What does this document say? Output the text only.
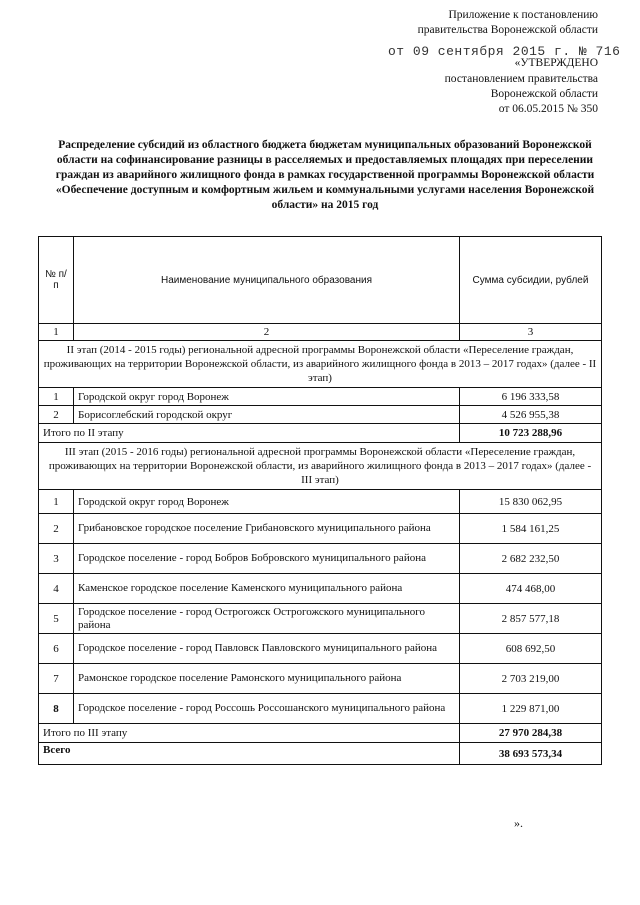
Приложение к постановлению
правительства Воронежской области
от 09 сентября 2015 г. № 716
«УТВЕРЖДЕНО
постановлением правительства
Воронежской области
от 06.05.2015 № 350
Распределение субсидий из областного бюджета бюджетам муниципальных образований Воронежской области на софинансирование разницы в расселяемых и предоставляемых площадях при переселении граждан из аварийного жилищного фонда в рамках государственной программы Воронежской области «Обеспечение доступным и комфортным жильем и коммунальными услугами населения Воронежской области» на 2015 год
№ п/п	Наименование муниципального образования	Сумма субсидии, рублей
1	2	3
II этап (2014 - 2015 годы) региональной адресной программы Воронежской области «Переселение граждан, проживающих на территории Воронежской области, из аварийного жилищного фонда в 2013 – 2017 годах» (далее - II этап)		
1	Городской округ город Воронеж	6 196 333,58
2	Борисоглебский городской округ	4 526 955,38
Итого по II этапу		10 723 288,96
III этап (2015 - 2016 годы) региональной адресной программы Воронежской области «Переселение граждан, проживающих на территории Воронежской области, из аварийного жилищного фонда в 2013 – 2017 годах» (далее - III этап)		
1	Городской округ город Воронеж	15 830 062,95
2	Грибановское городское поселение Грибановского муниципального района	1 584 161,25
3	Городское поселение - город Бобров Бобровского муниципального района	2 682 232,50
4	Каменское городское поселение Каменского муниципального района	474 468,00
5	Городское поселение - город Острогожск Острогожского муниципального района	2 857 577,18
6	Городское поселение - город Павловск Павловского муниципального района	608 692,50
7	Рамонское городское поселение Рамонского муниципального района	2 703 219,00
8	Городское поселение - город Россошь Россошанского муниципального района	1 229 871,00
Итого по III этапу		27 970 284,38
Всего		38 693 573,34
».
